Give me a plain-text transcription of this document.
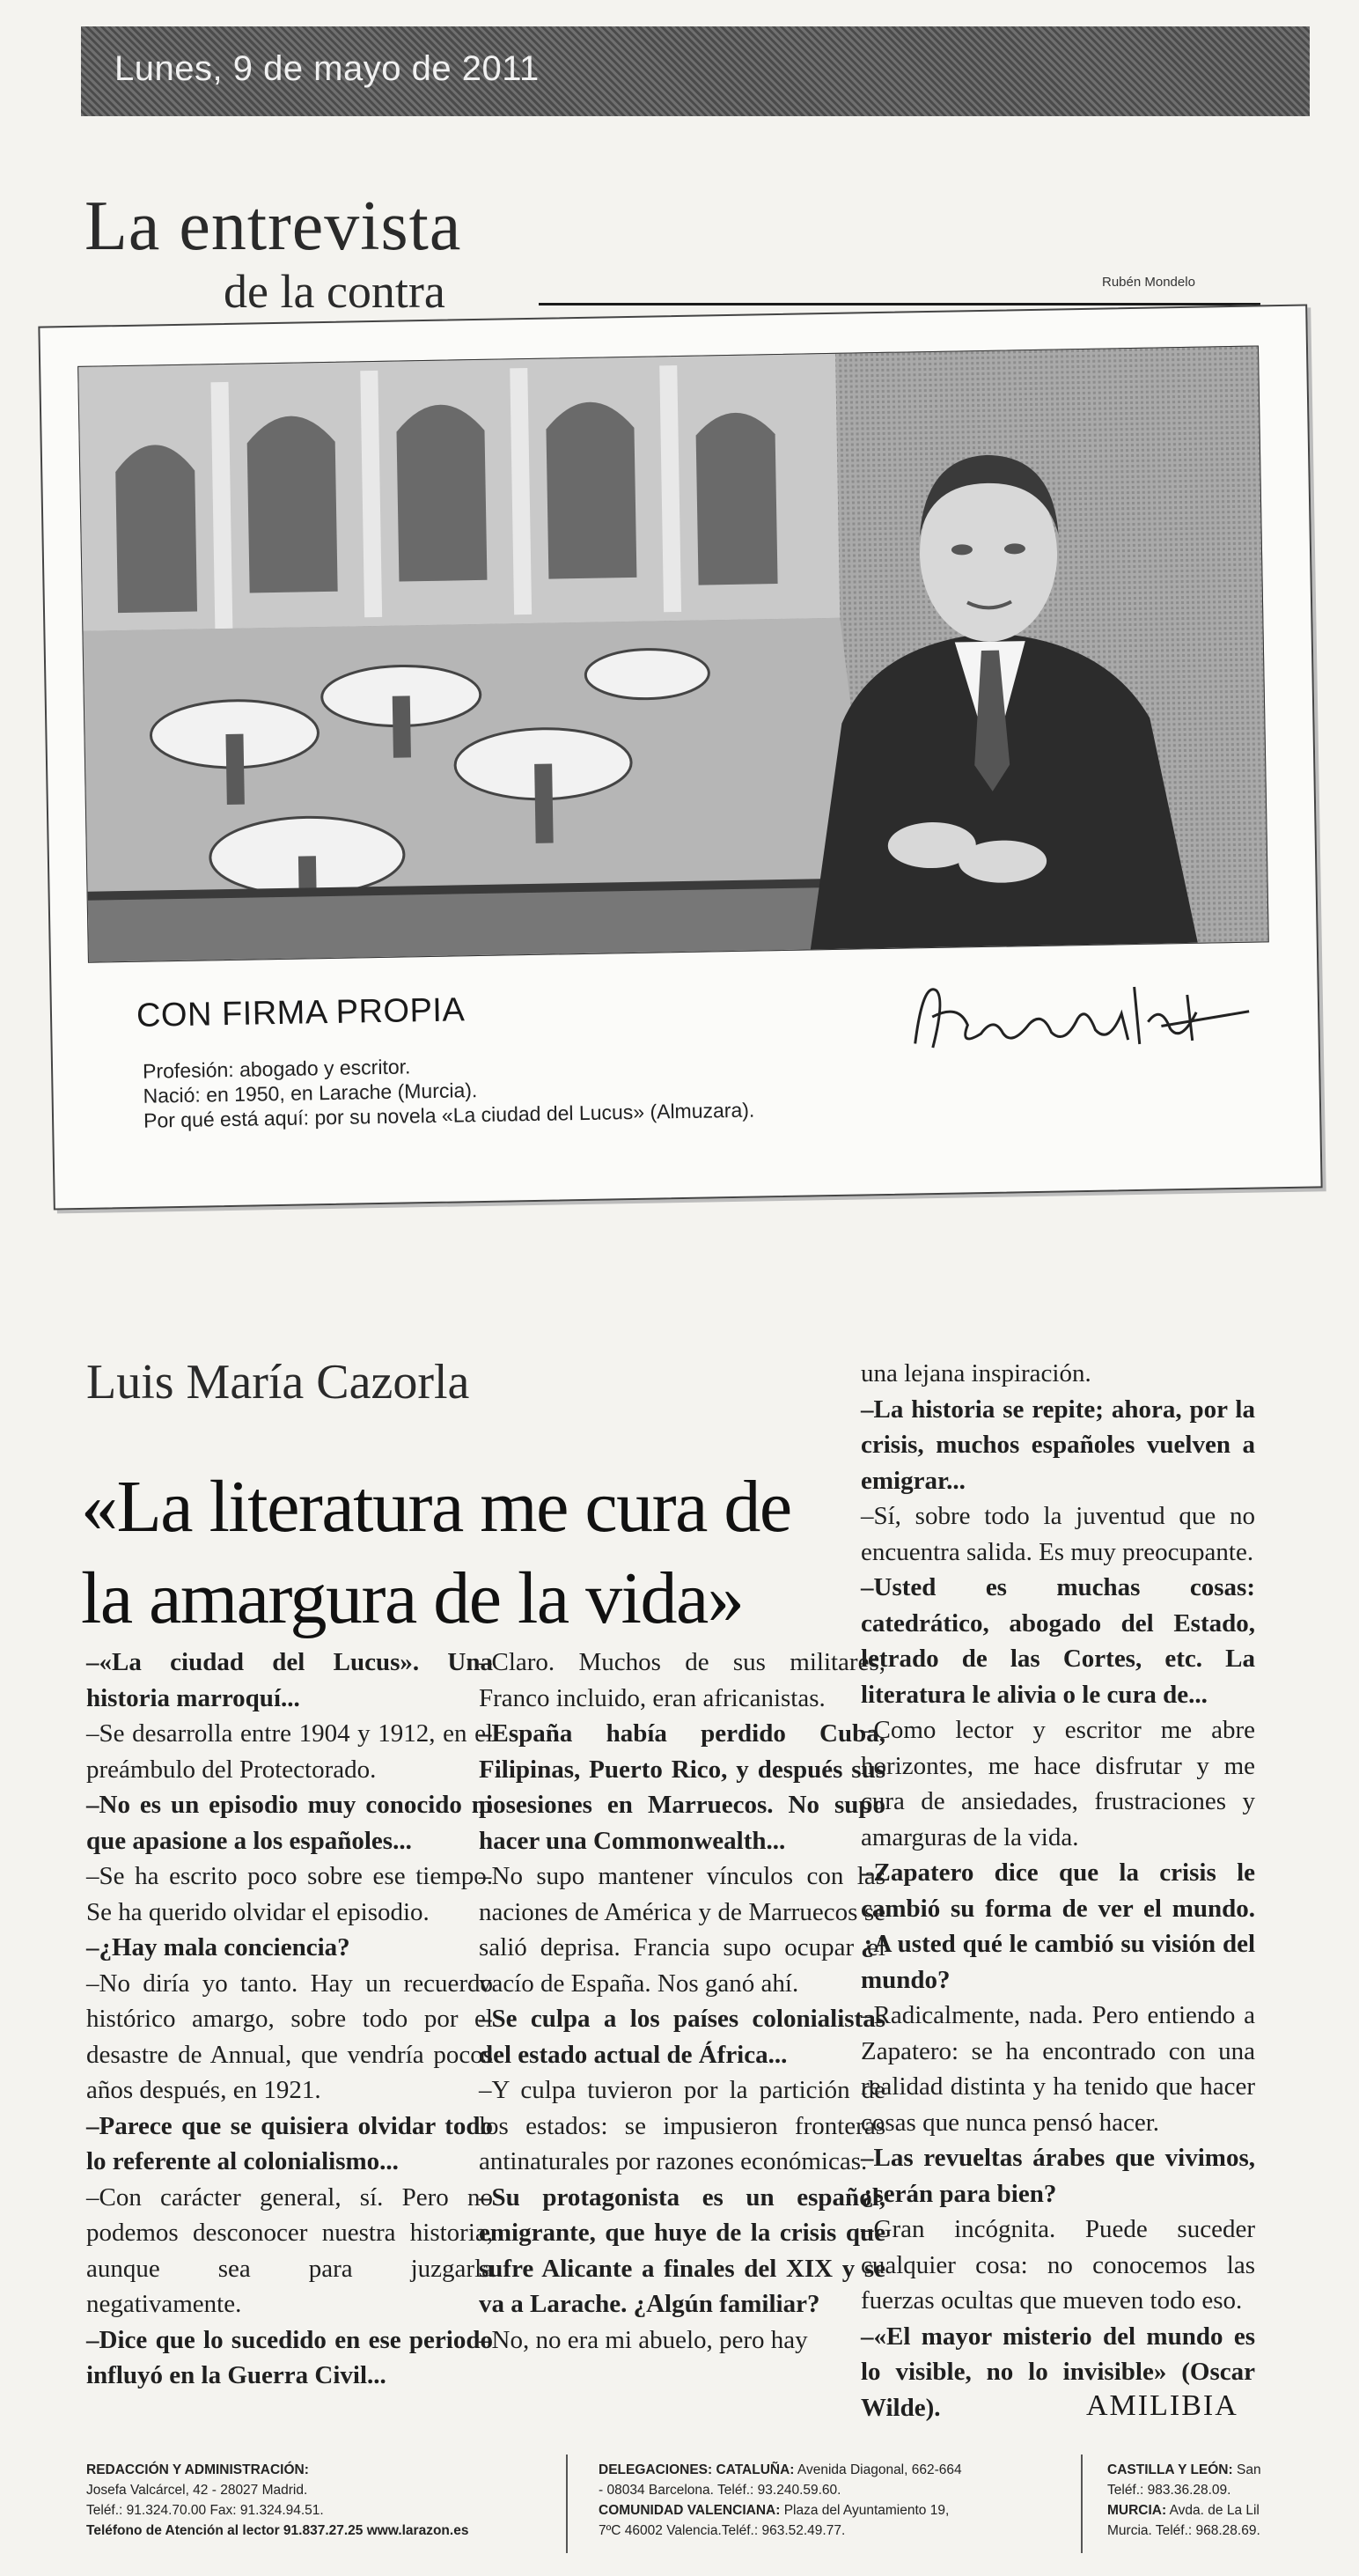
Lunes, 9 de mayo de 2011
La entrevista
de la contra	Rubén Mondelo
CON FIRMA PROPIA
Profesión: abogado y escritor.
Nació: en 1950, en Larache (Murcia).
Por qué está aquí: por su novela «La ciudad del Lucus» (Almuzara).
Luis María Cazorla
«La literatura me cura de la amargura de la vida»

–«La ciudad del Lucus». Una historia marroquí...

–Se desarrolla entre 1904 y 1912, en el preámbulo del Protectorado.

–No es un episodio muy conocido ni que apasione a los españoles...

–Se ha escrito poco sobre ese tiempo. Se ha querido olvidar el episodio.

–¿Hay mala conciencia?

–No diría yo tanto. Hay un recuerdo histórico amargo, sobre todo por el desastre de Annual, que vendría pocos años después, en 1921.

–Parece que se quisiera olvidar todo lo referente al colonialismo...

–Con carácter general, sí. Pero no podemos desconocer nuestra historia, aunque sea para juzgarla negativamente.

–Dice que lo sucedido en ese periodo influyó en la Guerra Civil...

–Claro. Muchos de sus militares, Franco incluido, eran africanistas.

–España había perdido Cuba, Filipinas, Puerto Rico, y después sus posesiones en Marruecos. No supo hacer una Commonwealth...

–No supo mantener vínculos con las naciones de América y de Marruecos se salió deprisa. Francia supo ocupar el vacío de España. Nos ganó ahí.

–Se culpa a los países colonialistas del estado actual de África...

–Y culpa tuvieron por la partición de los estados: se impusieron fronteras antinaturales por razones económicas.

–Su protagonista es un español, emigrante, que huye de la crisis que sufre Alicante a finales del XIX y se va a Larache. ¿Algún familiar?

–No, no era mi abuelo, pero hay

una lejana inspiración.

–La historia se repite; ahora, por la crisis, muchos españoles vuelven a emigrar...

–Sí, sobre todo la juventud que no encuentra salida. Es muy preocupante.

–Usted es muchas cosas: catedrático, abogado del Estado, letrado de las Cortes, etc. La literatura le alivia o le cura de...

–Como lector y escritor me abre horizontes, me hace disfrutar y me cura de ansiedades, frustraciones y amarguras de la vida.

–Zapatero dice que la crisis le cambió su forma de ver el mundo. ¿A usted qué le cambió su visión del mundo?

–Radicalmente, nada. Pero entiendo a Zapatero: se ha encontrado con una realidad distinta y ha tenido que hacer cosas que nunca pensó hacer.

–Las revueltas árabes que vivimos, ¿serán para bien?

–Gran incógnita. Puede suceder cualquier cosa: no conocemos las fuerzas ocultas que mueven todo eso.

–«El mayor misterio del mundo es lo visible, no lo invisible» (Oscar Wilde).	AMILIBIA
REDACCIÓN Y ADMINISTRACIÓN:
Josefa Valcárcel, 42 - 28027 Madrid.
Teléf.: 91.324.70.00 Fax: 91.324.94.51.
Teléfono de Atención al lector 91.837.27.25 www.larazon.es
DELEGACIONES: CATALUÑA: Avenida Diagonal, 662-664
- 08034 Barcelona. Teléf.: 93.240.59.60.
COMUNIDAD VALENCIANA: Plaza del Ayuntamiento 19,
7ºC 46002 Valencia.Teléf.: 963.52.49.77.
CASTILLA Y LEÓN: San
Teléf.: 983.36.28.09.
MURCIA: Avda. de La Lil
Murcia. Teléf.: 968.28.69.
